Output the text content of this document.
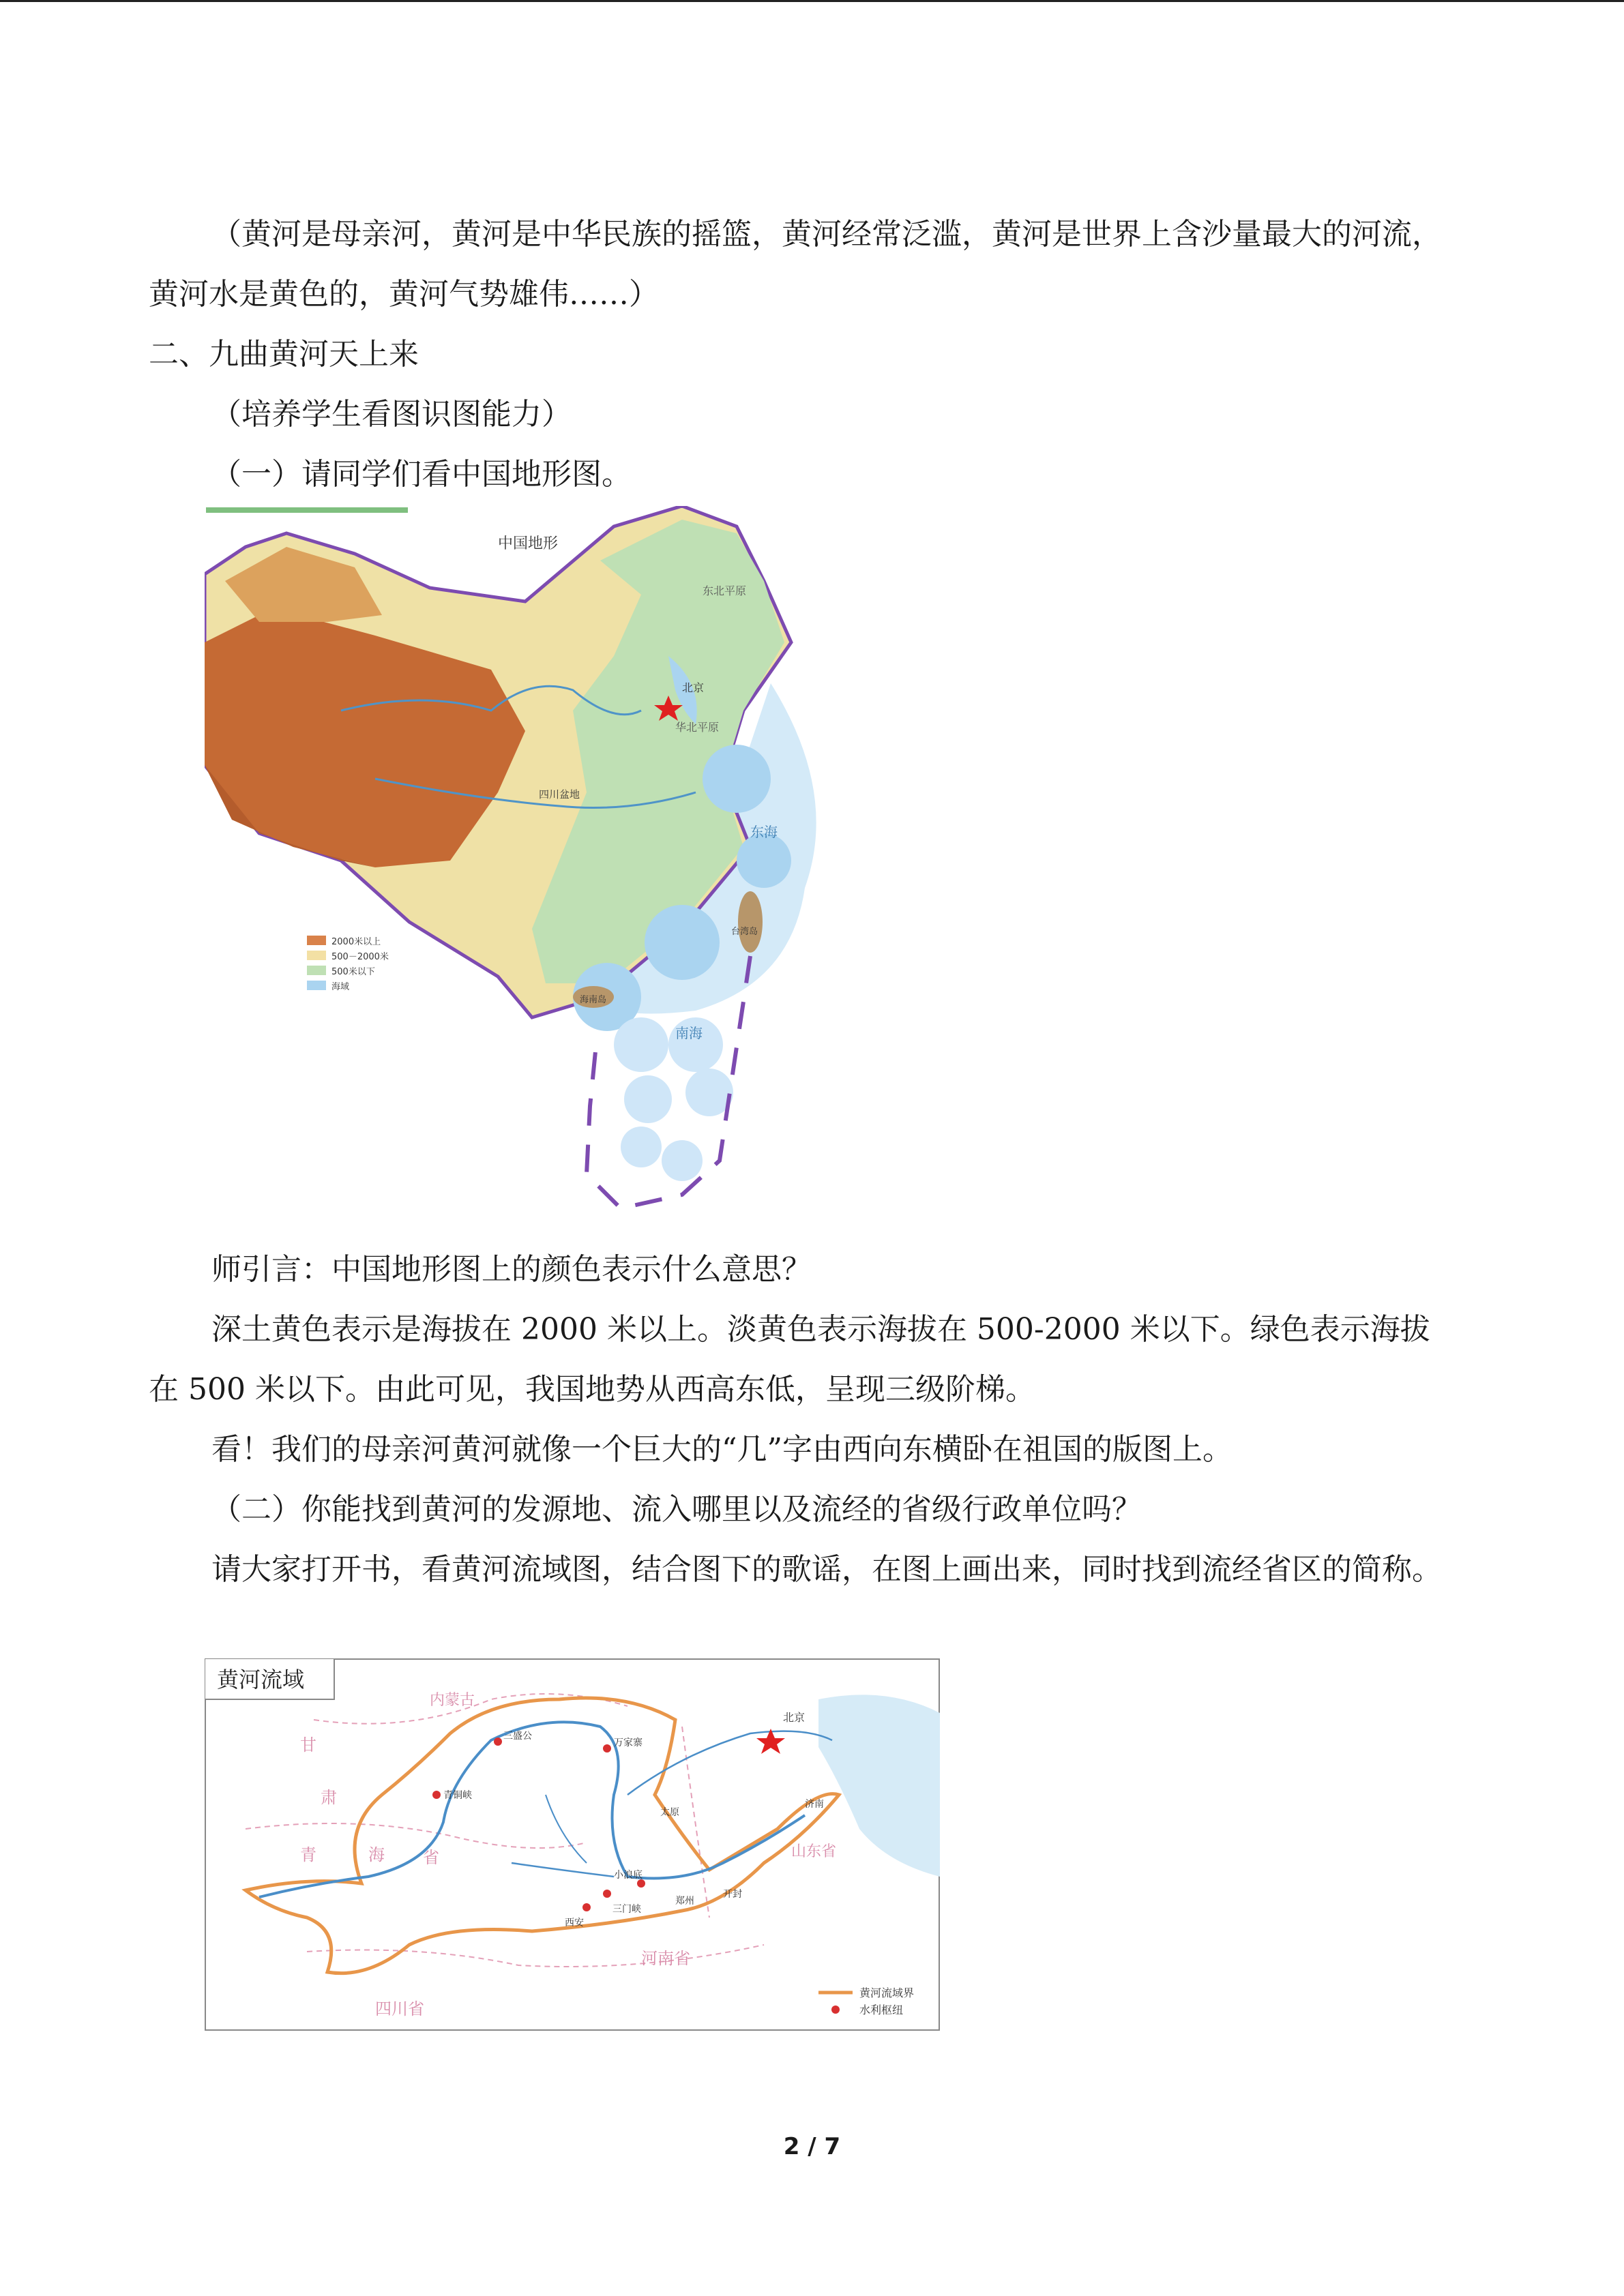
（黄河是母亲河，黄河是中华民族的摇篮，黄河经常泛滥，黄河是世界上含沙量最大的河流，黄河水是黄色的，黄河气势雄伟……）

二、九曲黄河天上来

（培养学生看图识图能力）

（一）请同学们看中国地形图。

中国地形
北京
四川盆地
台湾岛
海南岛
东北平原
华北平原
东海
南海
2000米以上
500－2000米
500米以下
海域

师引言：中国地形图上的颜色表示什么意思？

深土黄色表示是海拔在 2000 米以上。淡黄色表示海拔在 500-2000 米以下。绿色表示海拔在 500 米以下。由此可见，我国地势从西高东低，呈现三级阶梯。

看！我们的母亲河黄河就像一个巨大的“几”字由西向东横卧在祖国的版图上。

（二）你能找到黄河的发源地、流入哪里以及流经的省级行政单位吗？

请大家打开书，看黄河流域图，结合图下的歌谣，在图上画出来，同时找到流经省区的简称。

黄河流域
北京
甘
内蒙古
肃
青	海 省
四川省
河南省
山东省
三盛公
万家寨
青铜峡
太原
小浪底
西安
三门峡
郑州
开封
济南
黄河流域界
水利枢纽
2 / 7
